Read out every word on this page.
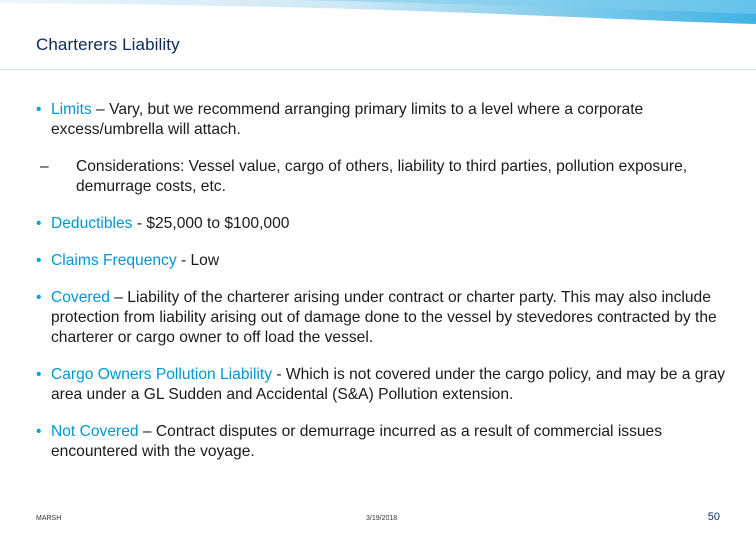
Charterers Liability
• Limits – Vary, but we recommend arranging primary limits to a level where a corporate excess/umbrella will attach.
– Considerations: Vessel value, cargo of others, liability to third parties, pollution exposure, demurrage costs, etc.
• Deductibles - $25,000 to $100,000
• Claims Frequency - Low
• Covered – Liability of the charterer arising under contract or charter party. This may also include protection from liability arising out of damage done to the vessel by stevedores contracted by the charterer or cargo owner to off load the vessel.
• Cargo Owners Pollution Liability - Which is not covered under the cargo policy, and may be a gray area under a GL Sudden and Accidental (S&A) Pollution extension.
• Not Covered – Contract disputes or demurrage incurred as a result of commercial issues encountered with the voyage.
MARSH	3/19/2018	50
